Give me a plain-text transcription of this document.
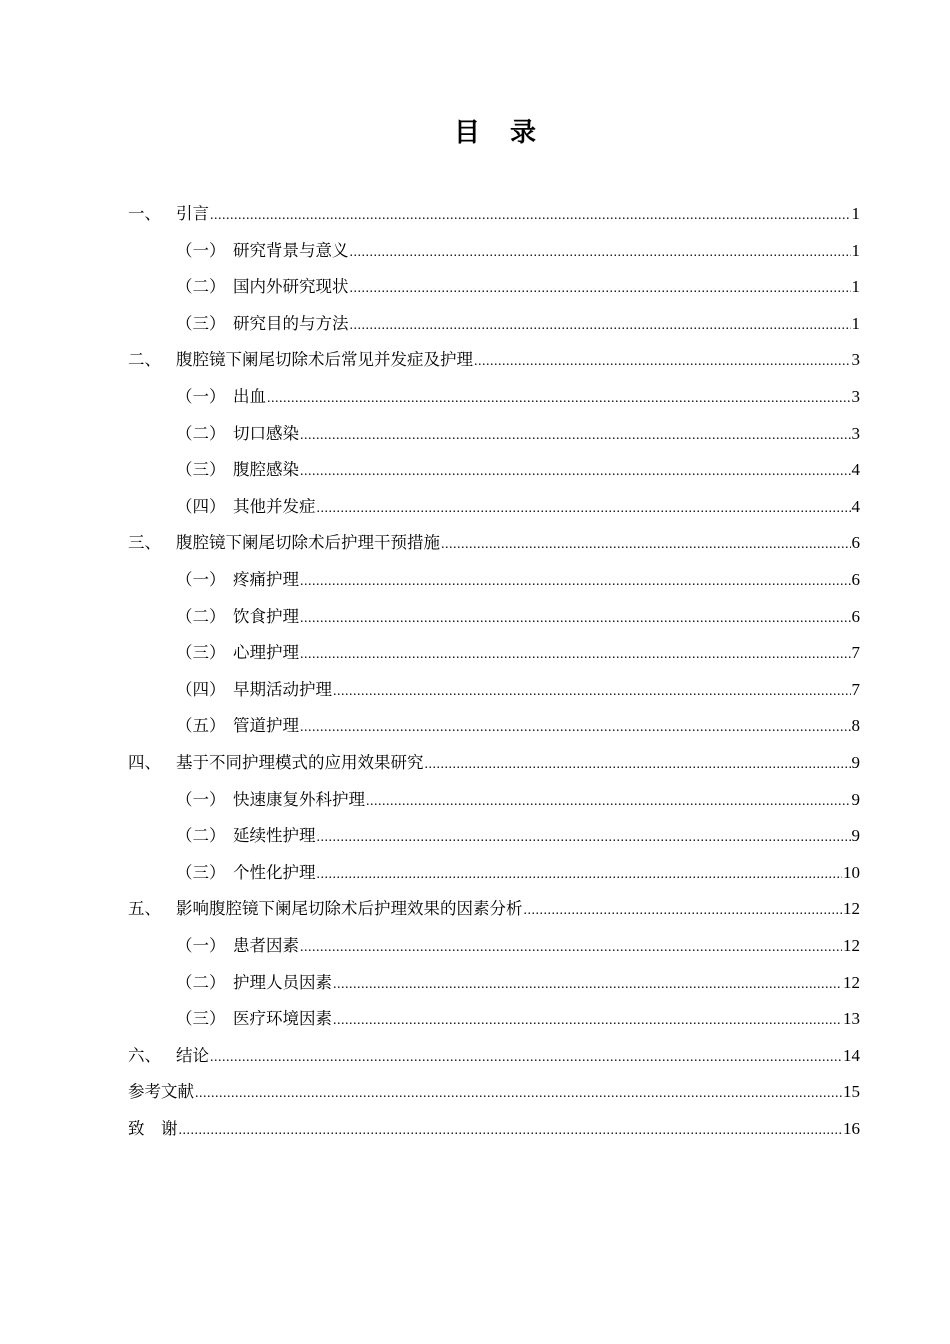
目 录
一、 引言 .....	1
（一） 研究背景与意义 .....	1
（二） 国内外研究现状 .....	1
（三） 研究目的与方法 .....	1
二、 腹腔镜下阑尾切除术后常见并发症及护理 .....	3
（一） 出血 .....	3
（二） 切口感染 .....	3
（三） 腹腔感染 .....	4
（四） 其他并发症 .....	4
三、 腹腔镜下阑尾切除术后护理干预措施 .....	6
（一） 疼痛护理 .....	6
（二） 饮食护理 .....	6
（三） 心理护理 .....	7
（四） 早期活动护理 .....	7
（五） 管道护理 .....	8
四、 基于不同护理模式的应用效果研究 .....	9
（一） 快速康复外科护理 .....	9
（二） 延续性护理 .....	9
（三） 个性化护理 .....	10
五、 影响腹腔镜下阑尾切除术后护理效果的因素分析 .....	12
（一） 患者因素 .....	12
（二） 护理人员因素 .....	12
（三） 医疗环境因素 .....	13
六、 结论 .....	14
参考文献 .....	15
致　谢 .....	16
